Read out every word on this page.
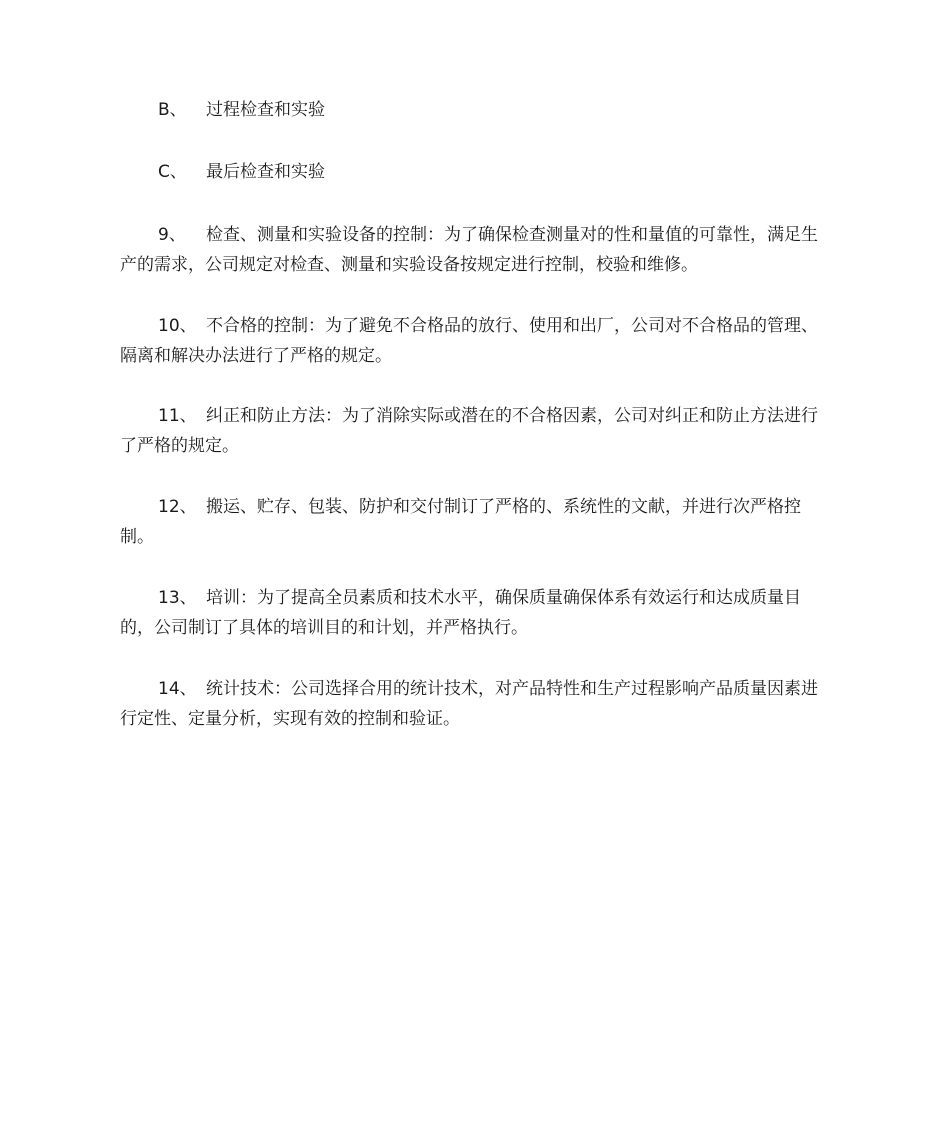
B、 过程检查和实验

C、 最后检查和实验

9、 检查、测量和实验设备的控制：为了确保检查测量对的性和量值的可靠性，满足生产的需求，公司规定对检查、测量和实验设备按规定进行控制，校验和维修。

10、 不合格的控制：为了避免不合格品的放行、使用和出厂，公司对不合格品的管理、隔离和解决办法进行了严格的规定。

11、 纠正和防止方法：为了消除实际或潜在的不合格因素，公司对纠正和防止方法进行了严格的规定。

12、 搬运、贮存、包装、防护和交付制订了严格的、系统性的文献，并进行次严格控制。

13、 培训：为了提高全员素质和技术水平，确保质量确保体系有效运行和达成质量目的，公司制订了具体的培训目的和计划，并严格执行。

14、 统计技术：公司选择合用的统计技术，对产品特性和生产过程影响产品质量因素进行定性、定量分析，实现有效的控制和验证。
